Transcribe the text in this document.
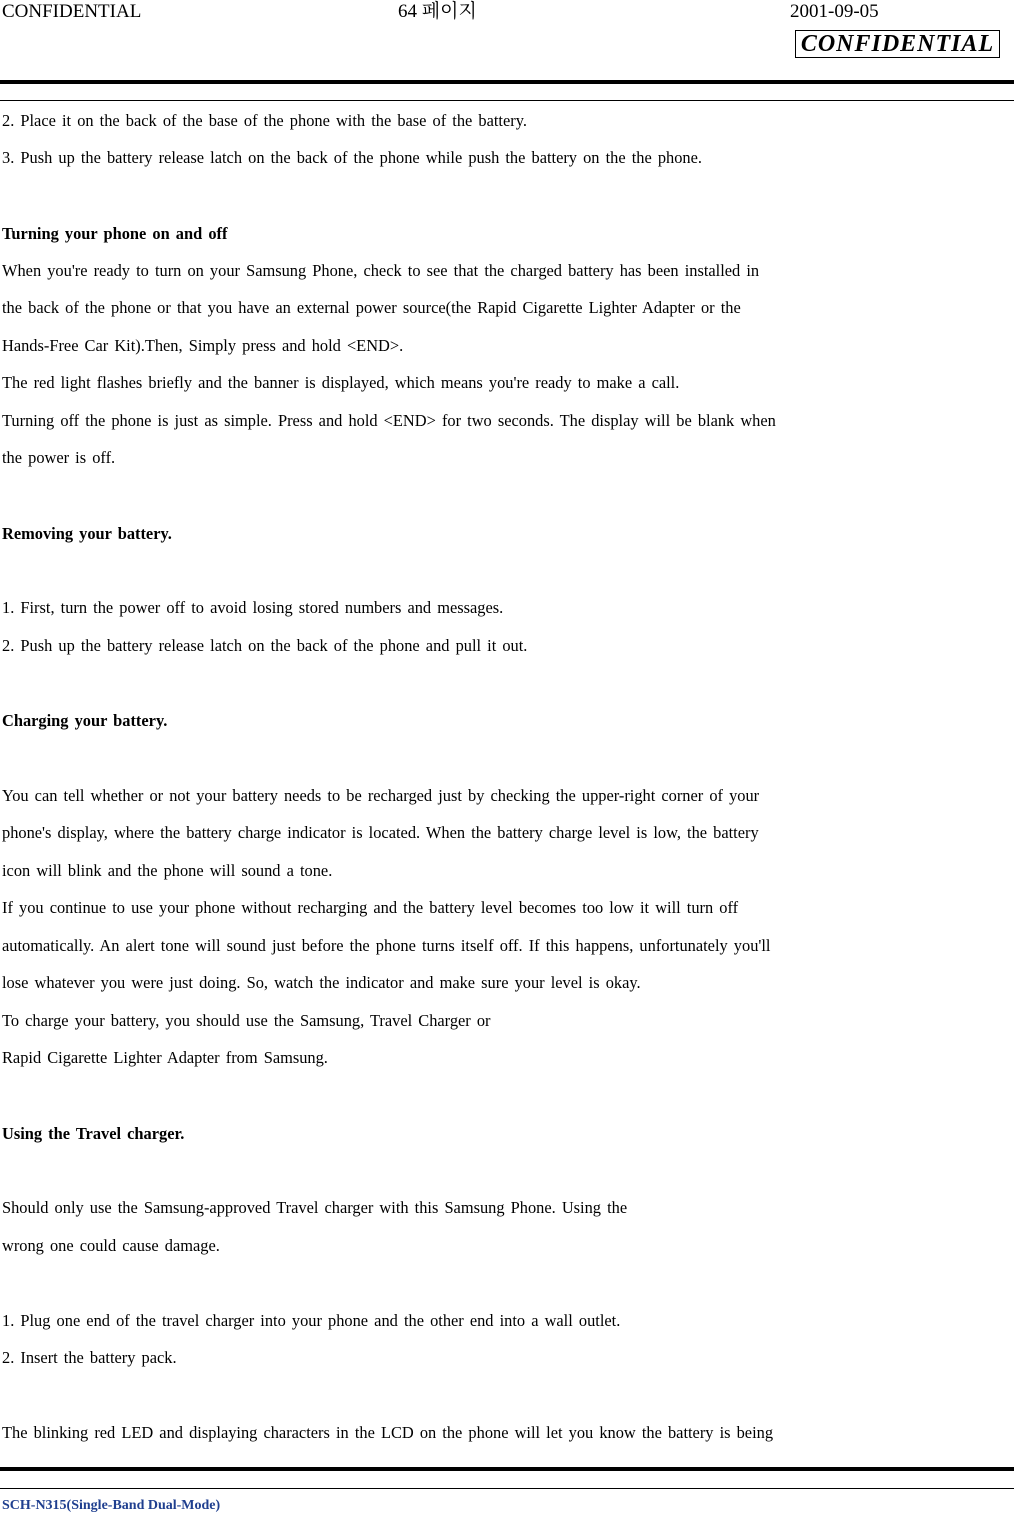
CONFIDENTIAL	64 페이지	2001-09-05
CONFIDENTIAL
2. Place it on the back of the base of the phone with the base of the battery.
3. Push up the battery release latch on the back of the phone while push the battery on the the phone.
Turning your phone on and off
When you're ready to turn on your Samsung Phone, check to see that the charged battery has been installed in
the back of the phone or that you have an external power source(the Rapid Cigarette Lighter Adapter or the
Hands-Free Car Kit).Then, Simply press and hold <END>.
The red light flashes briefly and the banner is displayed, which means you're ready to make a call.
Turning off the phone is just as simple. Press and hold <END> for two seconds. The display will be blank when
the power is off.
Removing your battery.
1. First, turn the power off to avoid losing stored numbers and messages.
2. Push up the battery release latch on the back of the phone and pull it out.
Charging your battery.
You can tell whether or not your battery needs to be recharged just by checking the upper-right corner of your
phone's display, where the battery charge indicator is located. When the battery charge level is low, the battery
icon will blink and the phone will sound a tone.
If you continue to use your phone without recharging and the battery level becomes too low it will turn off
automatically. An alert tone will sound just before the phone turns itself off. If this happens, unfortunately you'll
lose whatever you were just doing. So, watch the indicator and make sure your level is okay.
To charge your battery, you should use the Samsung, Travel Charger or
Rapid Cigarette Lighter Adapter from Samsung.
Using the Travel charger.
Should only use the Samsung-approved Travel charger with this Samsung Phone. Using the
wrong one could cause damage.
1. Plug one end of the travel charger into your phone and the other end into a wall outlet.
2. Insert the battery pack.
The blinking red LED and displaying characters in the LCD on the phone will let you know the battery is being
SCH-N315(Single-Band Dual-Mode)
